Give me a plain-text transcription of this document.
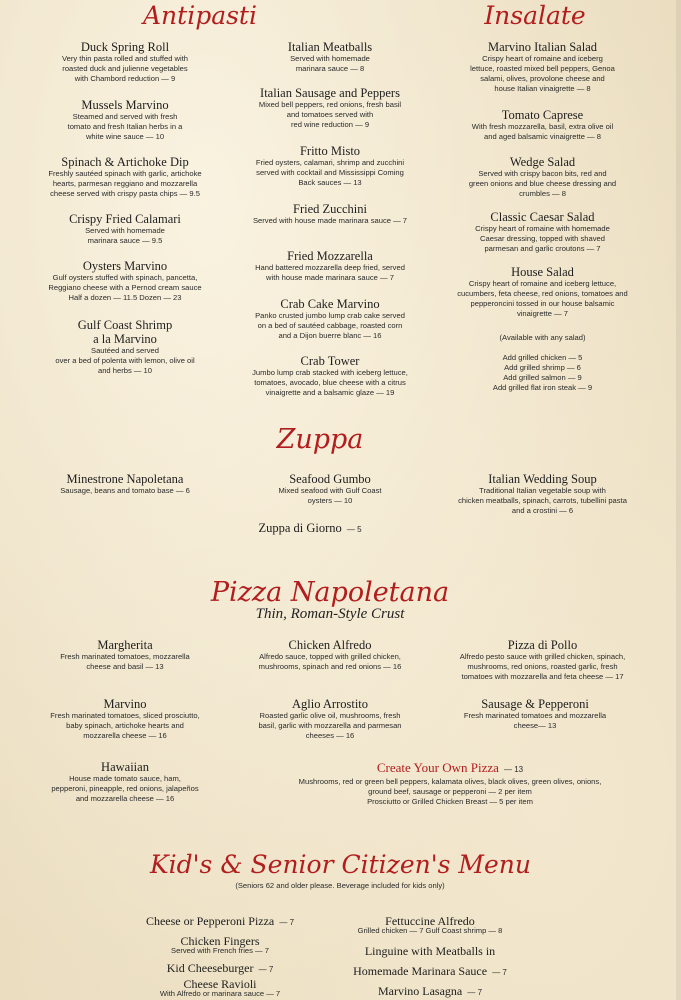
Antipasti	Insalate
Duck Spring Roll
Very thin pasta rolled and stuffed with
roasted duck and julienne vegetables
with Chambord reduction — 9
Mussels Marvino
Steamed and served with fresh
tomato and fresh Italian herbs in a
white wine sauce — 10
Spinach & Artichoke Dip
Freshly sautéed spinach with garlic, artichoke
hearts, parmesan reggiano and mozzarella
cheese served with crispy pasta chips — 9.5
Crispy Fried Calamari
Served with homemade
marinara sauce — 9.5
Oysters Marvino
Gulf oysters stuffed with spinach, pancetta,
Reggiano cheese with a Pernod cream sauce
Half a dozen — 11.5 Dozen — 23
Gulf Coast Shrimp
a la Marvino
Sautéed and served
over a bed of polenta with lemon, olive oil
and herbs — 10
Italian Meatballs
Served with homemade
marinara sauce — 8
Italian Sausage and Peppers
Mixed bell peppers, red onions, fresh basil
and tomatoes served with
red wine reduction — 9
Fritto Misto
Fried oysters, calamari, shrimp and zucchini
served with cocktail and Mississippi Coming
Back sauces — 13
Fried Zucchini
Served with house made marinara sauce — 7
Fried Mozzarella
Hand battered mozzarella deep fried, served
with house made marinara sauce — 7
Crab Cake Marvino
Panko crusted jumbo lump crab cake served
on a bed of sautéed cabbage, roasted corn
and a Dijon buerre blanc — 16
Crab Tower
Jumbo lump crab stacked with iceberg lettuce,
tomatoes, avocado, blue cheese with a citrus
vinaigrette and a balsamic glaze — 19
Marvino Italian Salad
Crispy heart of romaine and iceberg
lettuce, roasted mixed bell peppers, Genoa
salami, olives, provolone cheese and
house Italian vinaigrette — 8
Tomato Caprese
With fresh mozzarella, basil, extra olive oil
and aged balsamic vinaigrette — 8
Wedge Salad
Served with crispy bacon bits, red and
green onions and blue cheese dressing and
crumbles — 8
Classic Caesar Salad
Crispy heart of romaine with homemade
Caesar dressing, topped with shaved
parmesan and garlic croutons — 7
House Salad
Crispy heart of romaine and iceberg lettuce,
cucumbers, feta cheese, red onions, tomatoes and
pepperoncini tossed in our house balsamic
vinaigrette — 7
(Available with any salad)
Add grilled chicken — 5
Add grilled shrimp — 6
Add grilled salmon — 9
Add grilled flat iron steak — 9
Zuppa
Minestrone Napoletana
Sausage, beans and tomato base — 6
Seafood Gumbo
Mixed seafood with Gulf Coast
oysters — 10
Italian Wedding Soup
Traditional Italian vegetable soup with
chicken meatballs, spinach, carrots, tubellini pasta
and a crostini — 6
Zuppa di Giorno — 5
Pizza Napoletana
Thin, Roman-Style Crust
Margherita
Fresh marinated tomatoes, mozzarella
cheese and basil — 13
Chicken Alfredo
Alfredo sauce, topped with grilled chicken,
mushrooms, spinach and red onions — 16
Pizza di Pollo
Alfredo pesto sauce with grilled chicken, spinach,
mushrooms, red onions, roasted garlic, fresh
tomatoes with mozzarella and feta cheese — 17
Marvino
Fresh marinated tomatoes, sliced prosciutto,
baby spinach, artichoke hearts and
mozzarella cheese — 16
Aglio Arrostito
Roasted garlic olive oil, mushrooms, fresh
basil, garlic with mozzarella and parmesan
cheeses — 16
Sausage & Pepperoni
Fresh marinated tomatoes and mozzarella
cheese— 13
Hawaiian
House made tomato sauce, ham,
pepperoni, pineapple, red onions, jalapeños
and mozzarella cheese — 16
Create Your Own Pizza — 13
Mushrooms, red or green bell peppers, kalamata olives, black olives, green olives, onions,
ground beef, sausage or pepperoni — 2 per item
Prosciutto or Grilled Chicken Breast — 5 per item
Kid's & Senior Citizen's Menu
(Seniors 62 and older please. Beverage included for kids only)
Cheese or Pepperoni Pizza — 7
Chicken Fingers
Served with French fries — 7
Kid Cheeseburger — 7
Cheese Ravioli
With Alfredo or marinara sauce — 7
Fettuccine Alfredo
Grilled chicken — 7 Gulf Coast shrimp — 8
Linguine with Meatballs in
Homemade Marinara Sauce — 7
Marvino Lasagna — 7
